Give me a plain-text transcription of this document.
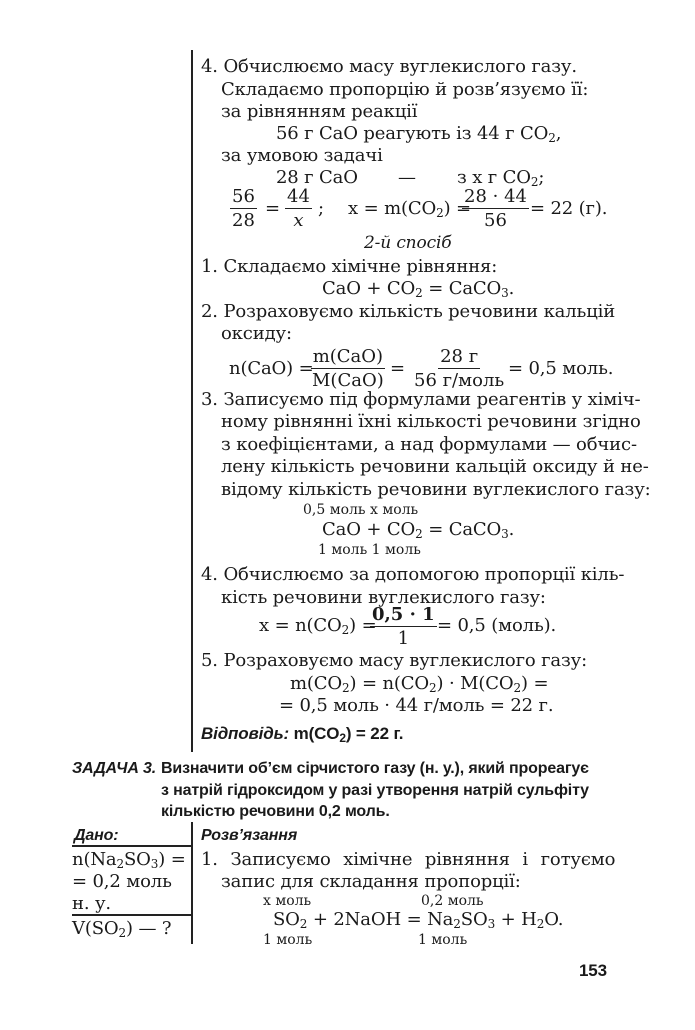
4. Обчислюємо масу вуглекислого газу.
Складаємо пропорцію й розв’язуємо її:
за рівнянням реакції
56 г CaO реагують із 44 г $CO_2$,
за умовою задачі
28 г CaO — з x г $CO_2$;
$\frac{56}{28} = \frac{44}{x}$ ; $x = m(CO_2)$ =
$\frac{28 \cdot 44}{56} = 22$ (г).
2-й спосіб
1. Складаємо хімічне рівняння:
CaO + $CO_2$ = CaCO$_3$.
2. Розраховуємо кількість речовини кальцій
оксиду:
n(CaO) =
m(CaO)
M(CaO)
=
28 г
56 г/моль
= 0,5 моль.
3. Записуємо під формулами реагентів у хіміч-
ному рівнянні їхні кількості речовини згідно
з коефіцієнтами, а над формулами — обчис-
лену кількість речовини кальцій оксиду й не-
відому кількість речовини вуглекислого газу:
0,5 моль x моль
CaO + $CO_2$ = CaCO$_3$.
1 моль 1 моль
4. Обчислюємо за допомогою пропорції кіль-
кість речовини вуглекислого газу:
$x = n(CO_2)$ =
$\frac{0,5 \cdot 1}{1} = 0,5$ (моль).
5. Розраховуємо масу вуглекислого газу:
$m(CO_2) = n(CO_2) \cdot M(CO_2)$ =
= 0,5 моль · 44 г/моль = 22 г.
Відповідь: $m(CO_2) = 22$ г.
ЗАДАЧА 3. Визначити об’єм сірчистого газу (н. у.), який прореагує
з натрій гідроксидом у разі утворення натрій сульфіту
кількістю речовини 0,2 моль.
Дано:
$n(Na_2SO_3)$ =
= 0,2 моль
н. у.
$V(SO_2)$ — ?
Розв’язання
1. Записуємо хімічне рівняння і готуємо
запис для складання пропорції:
x моль	0,2 моль
$SO_2$ + 2NaOH = $Na_2SO_3 + H_2O$.
1 моль	1 моль
153
